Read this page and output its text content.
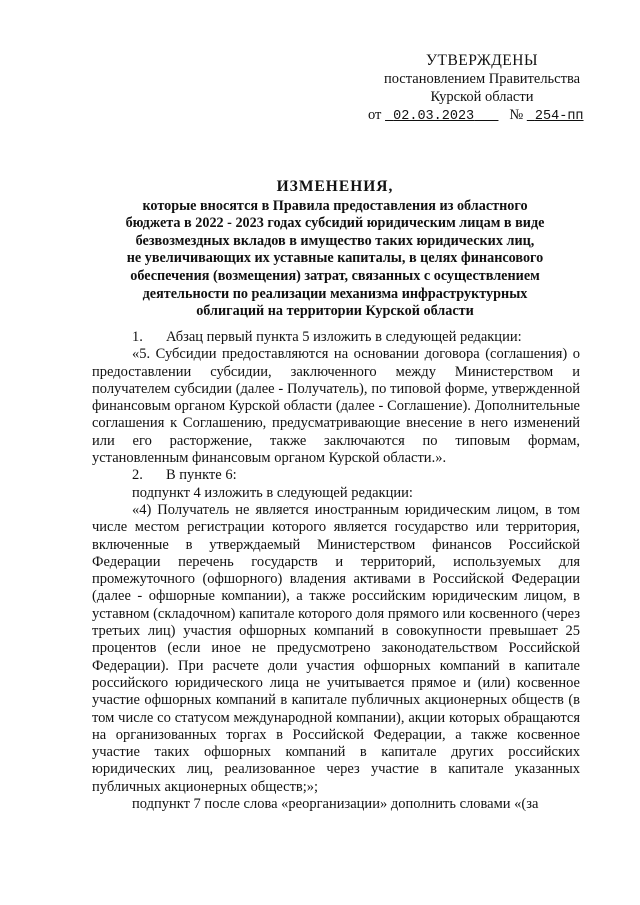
УТВЕРЖДЕНЫ
постановлением Правительства
Курской области
от 02.03.2023 № 254-пп
ИЗМЕНЕНИЯ,
которые вносятся в Правила предоставления из областного
бюджета в 2022 - 2023 годах субсидий юридическим лицам в виде
безвозмездных вкладов в имущество таких юридических лиц,
не увеличивающих их уставные капиталы, в целях финансового
обеспечения (возмещения) затрат, связанных с осуществлением
деятельности по реализации механизма инфраструктурных
облигаций на территории Курской области

1. Абзац первый пункта 5 изложить в следующей редакции:

«5. Субсидии предоставляются на основании договора (соглашения) о предоставлении субсидии, заключенного между Министерством и получателем субсидии (далее - Получатель), по типовой форме, утвержденной финансовым органом Курской области (далее - Соглашение). Дополнительные соглашения к Соглашению, предусматривающие внесение в него изменений или его расторжение, также заключаются по типовым формам, установленным финансовым органом Курской области.».

2. В пункте 6:

подпункт 4 изложить в следующей редакции:

«4) Получатель не является иностранным юридическим лицом, в том числе местом регистрации которого является государство или территория, включенные в утверждаемый Министерством финансов Российской Федерации перечень государств и территорий, используемых для промежуточного (офшорного) владения активами в Российской Федерации (далее - офшорные компании), а также российским юридическим лицом, в уставном (складочном) капитале которого доля прямого или косвенного (через третьих лиц) участия офшорных компаний в совокупности превышает 25 процентов (если иное не предусмотрено законодательством Российской Федерации). При расчете доли участия офшорных компаний в капитале российского юридического лица не учитывается прямое и (или) косвенное участие офшорных компаний в капитале публичных акционерных обществ (в том числе со статусом международной компании), акции которых обращаются на организованных торгах в Российской Федерации, а также косвенное участие таких офшорных компаний в капитале других российских юридических лиц, реализованное через участие в капитале указанных публичных акционерных обществ;»;

подпункт 7 после слова «реорганизации» дополнить словами «(за
